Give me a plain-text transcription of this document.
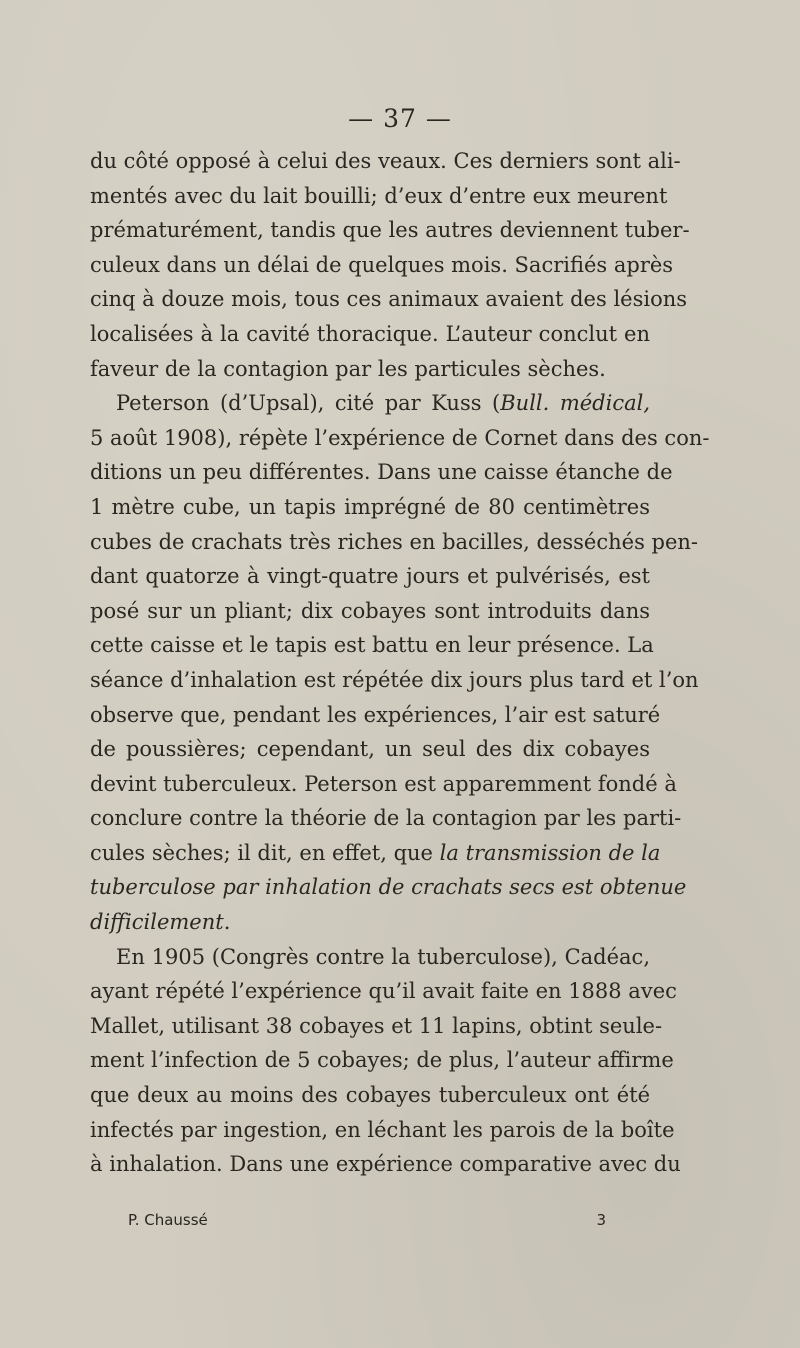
— 37 —
du côté opposé à celui des veaux. Ces derniers sont ali-
mentés avec du lait bouilli; d’eux d’entre eux meurent
prématurément, tandis que les autres deviennent tuber-
culeux dans un délai de quelques mois. Sacrifiés après
cinq à douze mois, tous ces animaux avaient des lésions
localisées à la cavité thoracique. L’auteur conclut en
faveur de la contagion par les particules sèches.
Peterson (d’Upsal), cité par Kuss (Bull. médical,
5 août 1908), répète l’expérience de Cornet dans des con-
ditions un peu différentes. Dans une caisse étanche de
1 mètre cube, un tapis imprégné de 80 centimètres
cubes de crachats très riches en bacilles, desséchés pen-
dant quatorze à vingt-quatre jours et pulvérisés, est
posé sur un pliant; dix cobayes sont introduits dans
cette caisse et le tapis est battu en leur présence. La
séance d’inhalation est répétée dix jours plus tard et l’on
observe que, pendant les expériences, l’air est saturé
de poussières; cependant, un seul des dix cobayes
devint tuberculeux. Peterson est apparemment fondé à
conclure contre la théorie de la contagion par les parti-
cules sèches; il dit, en effet, que la transmission de la
tuberculose par inhalation de crachats secs est obtenue
difficilement.
En 1905 (Congrès contre la tuberculose), Cadéac,
ayant répété l’expérience qu’il avait faite en 1888 avec
Mallet, utilisant 38 cobayes et 11 lapins, obtint seule-
ment l’infection de 5 cobayes; de plus, l’auteur affirme
que deux au moins des cobayes tuberculeux ont été
infectés par ingestion, en léchant les parois de la boîte
à inhalation. Dans une expérience comparative avec du
P. Chaussé	3
